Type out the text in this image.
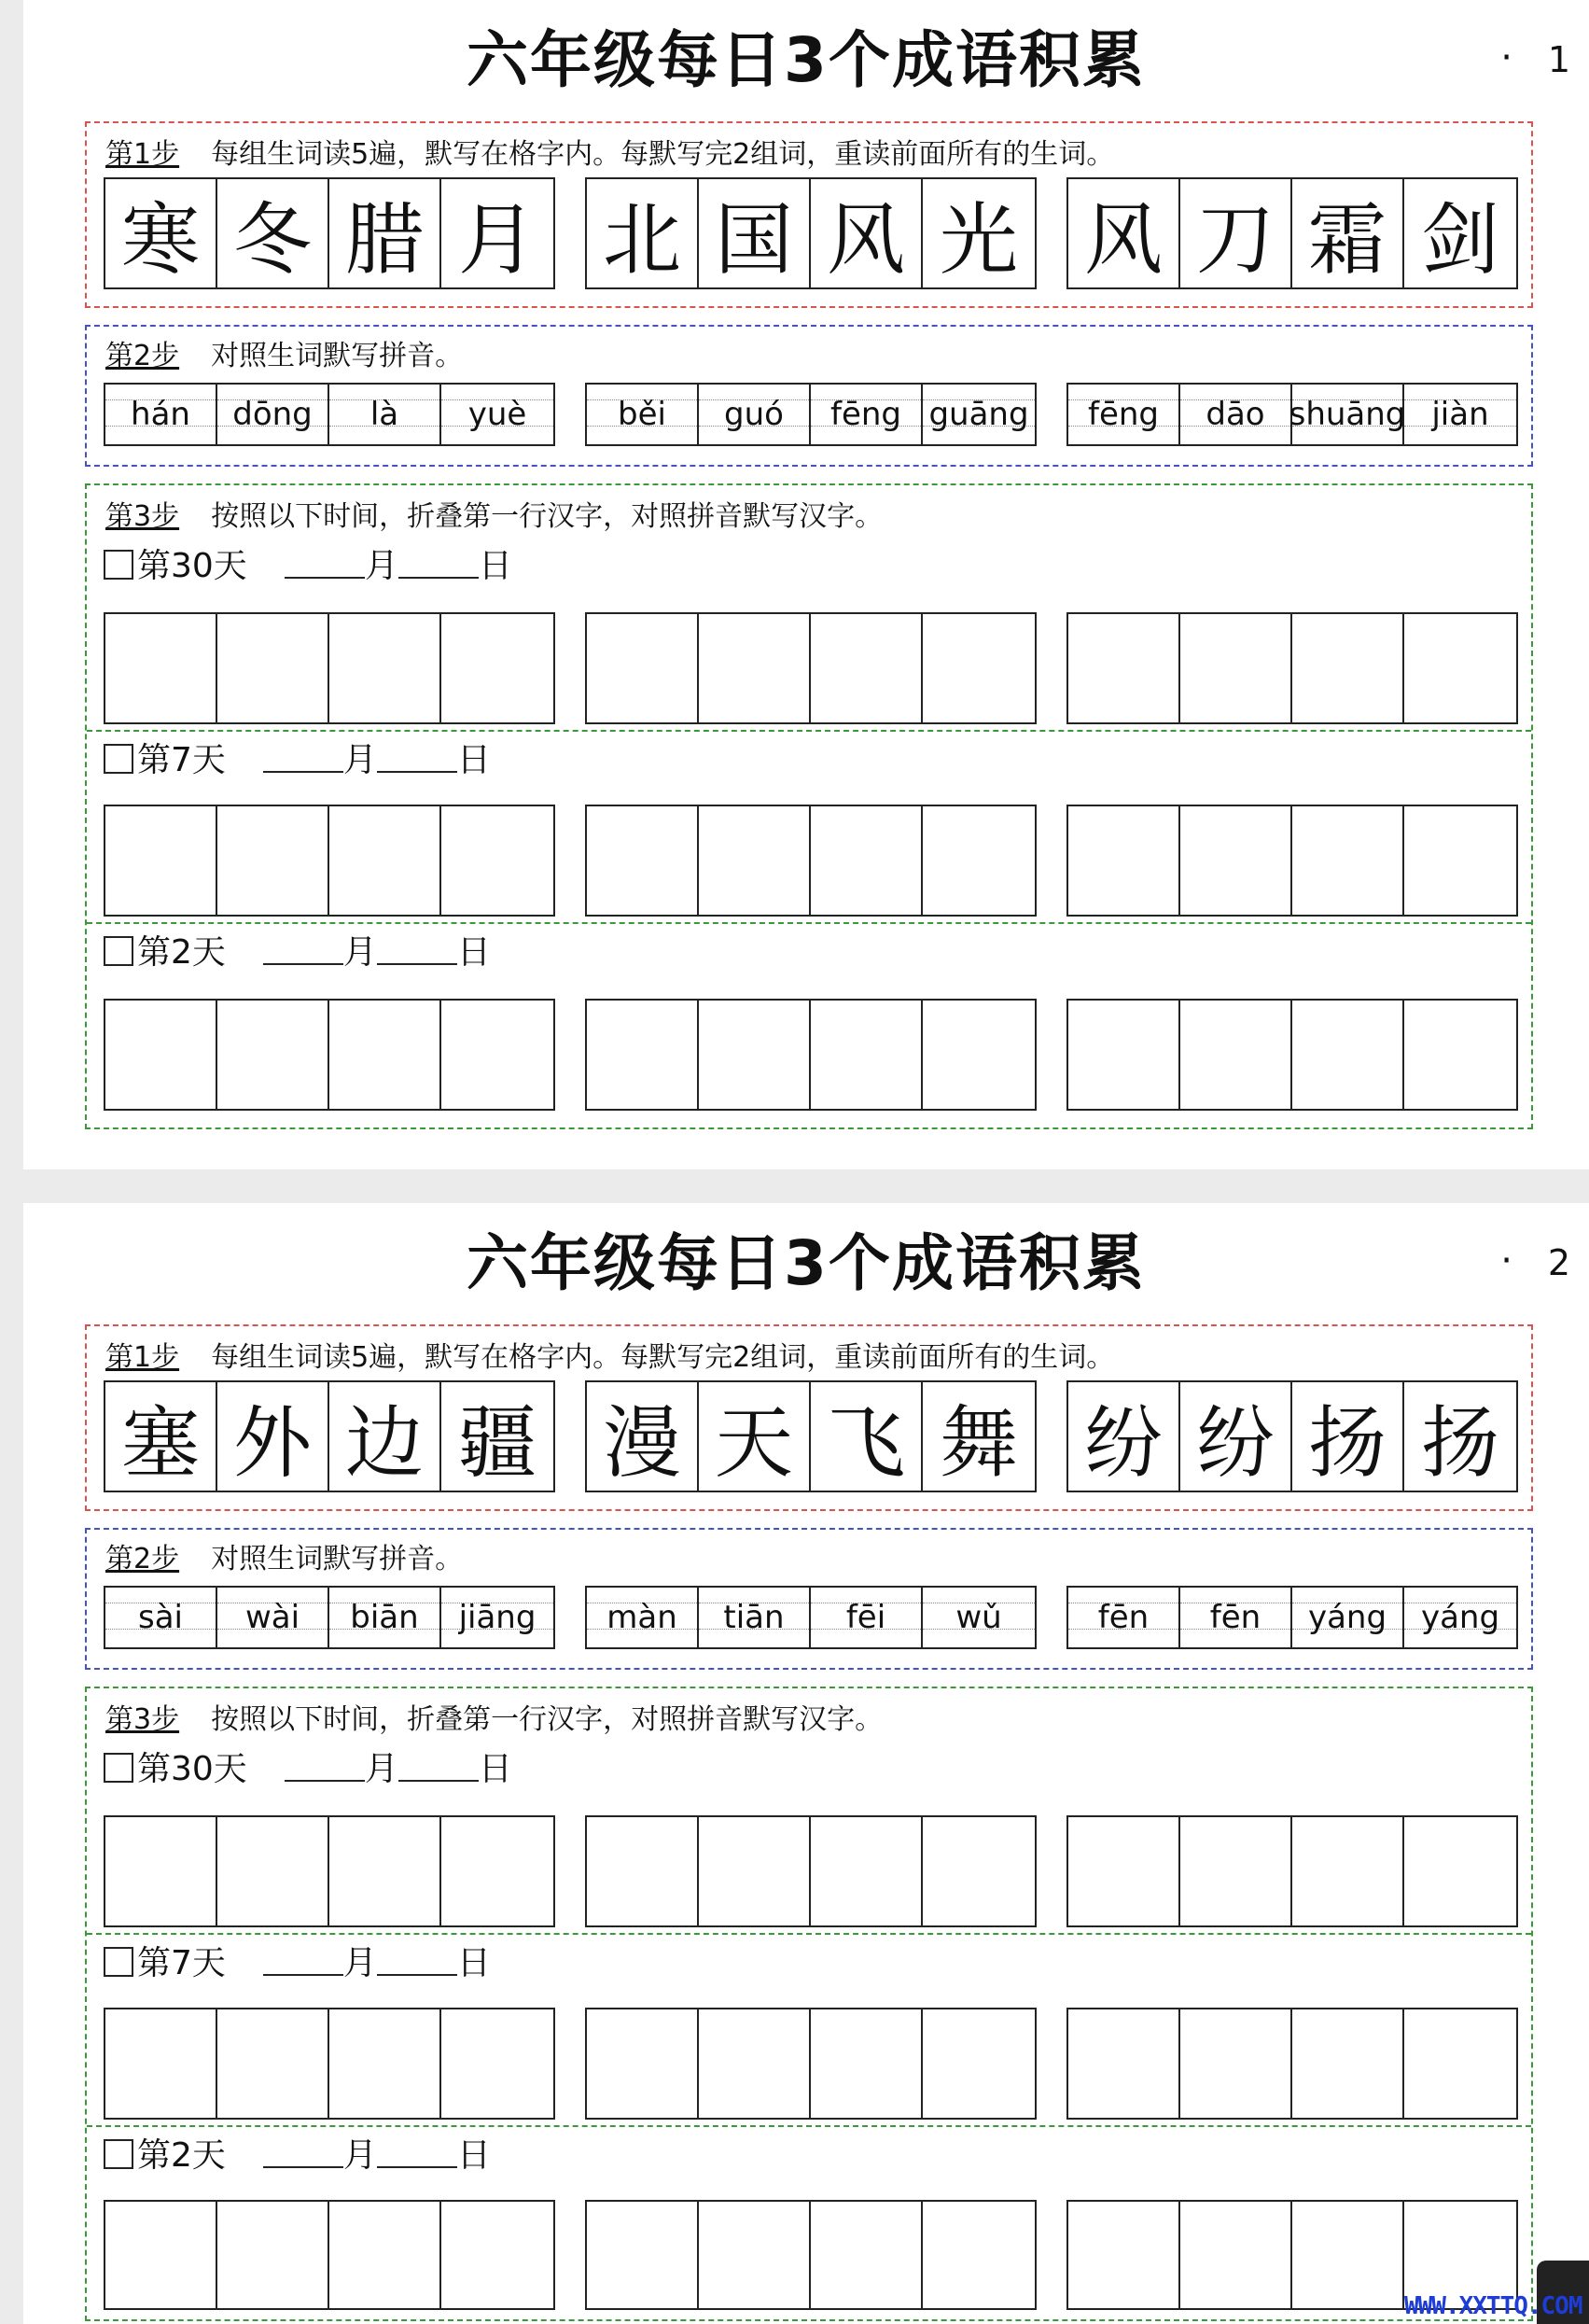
六年级每日3个成语积累	· 1
第1步 每组生词读5遍，默写在格字内。每默写完2组词，重读前面所有的生词。
寒 冬 腊 月 北 国 风 光 风 刀 霜 剑
第2步 对照生词默写拼音。
hán dōng là yuè	běi guó fēng guāng fēng dāo shuāng jiàn
第3步 按照以下时间，折叠第一行汉字，对照拼音默写汉字。
第30天	月 日
第7天	月 日
第2天	月 日
六年级每日3个成语积累	· 2
第1步 每组生词读5遍，默写在格字内。每默写完2组词，重读前面所有的生词。
塞 外 边 疆 漫 天 飞 舞 纷 纷 扬 扬
第2步 对照生词默写拼音。
sài wài biān jiāng màn tiān fēi wǔ	fēn fēn yáng yáng
第3步 按照以下时间，折叠第一行汉字，对照拼音默写汉字。
第30天	月 日
第7天	月 日
第2天	月 日
WWW.XXTTQ.COM
